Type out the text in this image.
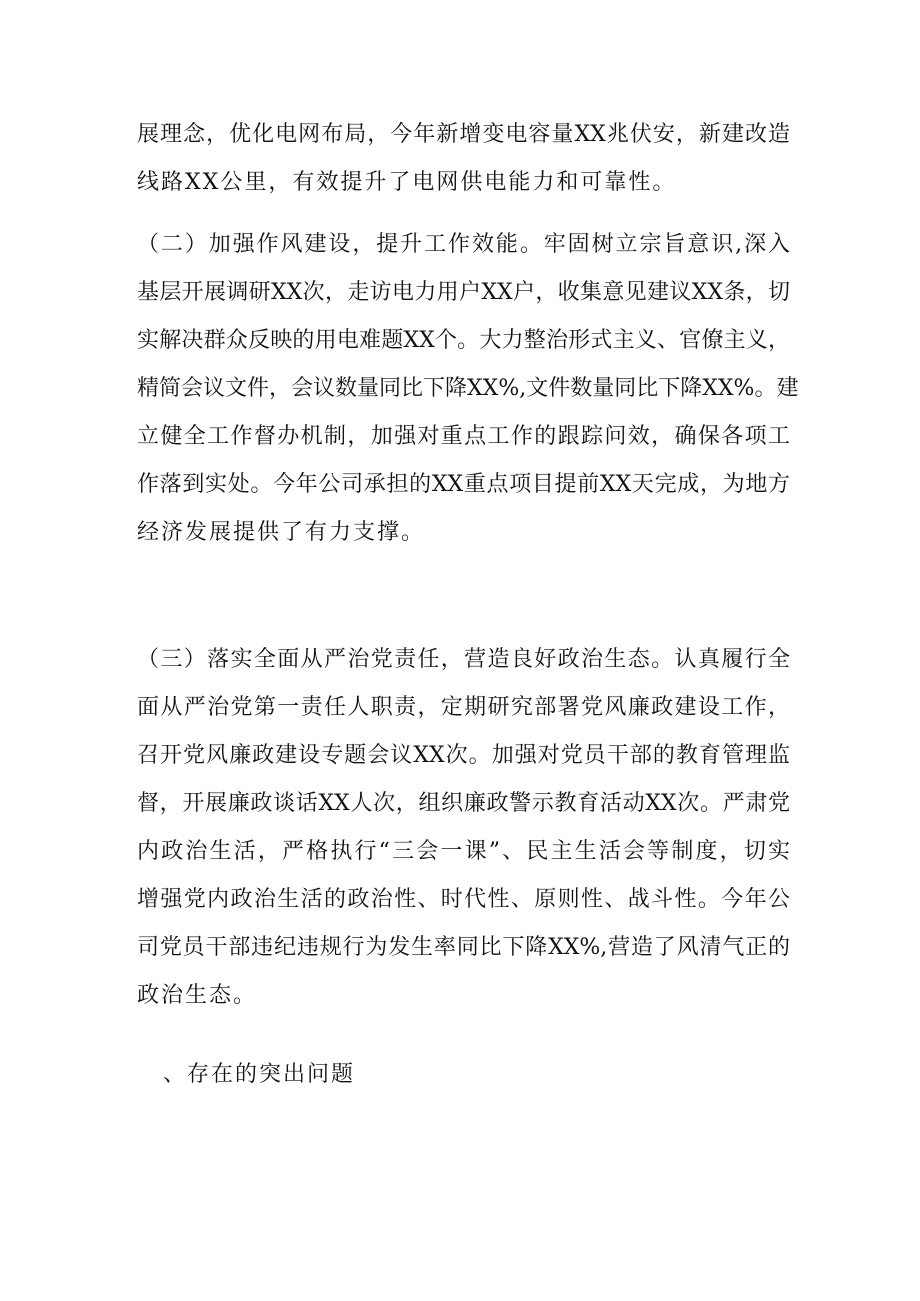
展理念，优化电网布局，今年新增变电容量XX兆伏安，新建改造
线路XX公里，有效提升了电网供电能力和可靠性。
（二）加强作风建设，提升工作效能。牢固树立宗旨意识,深入
基层开展调研XX次，走访电力用户XX户，收集意见建议XX条，切
实解决群众反映的用电难题XX个。大力整治形式主义、官僚主义，
精简会议文件，会议数量同比下降XX%,文件数量同比下降XX%。建
立健全工作督办机制，加强对重点工作的跟踪问效，确保各项工
作落到实处。今年公司承担的XX重点项目提前XX天完成，为地方
经济发展提供了有力支撑。
（三）落实全面从严治党责任，营造良好政治生态。认真履行全
面从严治党第一责任人职责，定期研究部署党风廉政建设工作，
召开党风廉政建设专题会议XX次。加强对党员干部的教育管理监
督，开展廉政谈话XX人次，组织廉政警示教育活动XX次。严肃党
内政治生活，严格执行“三会一课”、民主生活会等制度，切实
增强党内政治生活的政治性、时代性、原则性、战斗性。今年公
司党员干部违纪违规行为发生率同比下降XX%,营造了风清气正的
政治生态。
、存在的突出问题
